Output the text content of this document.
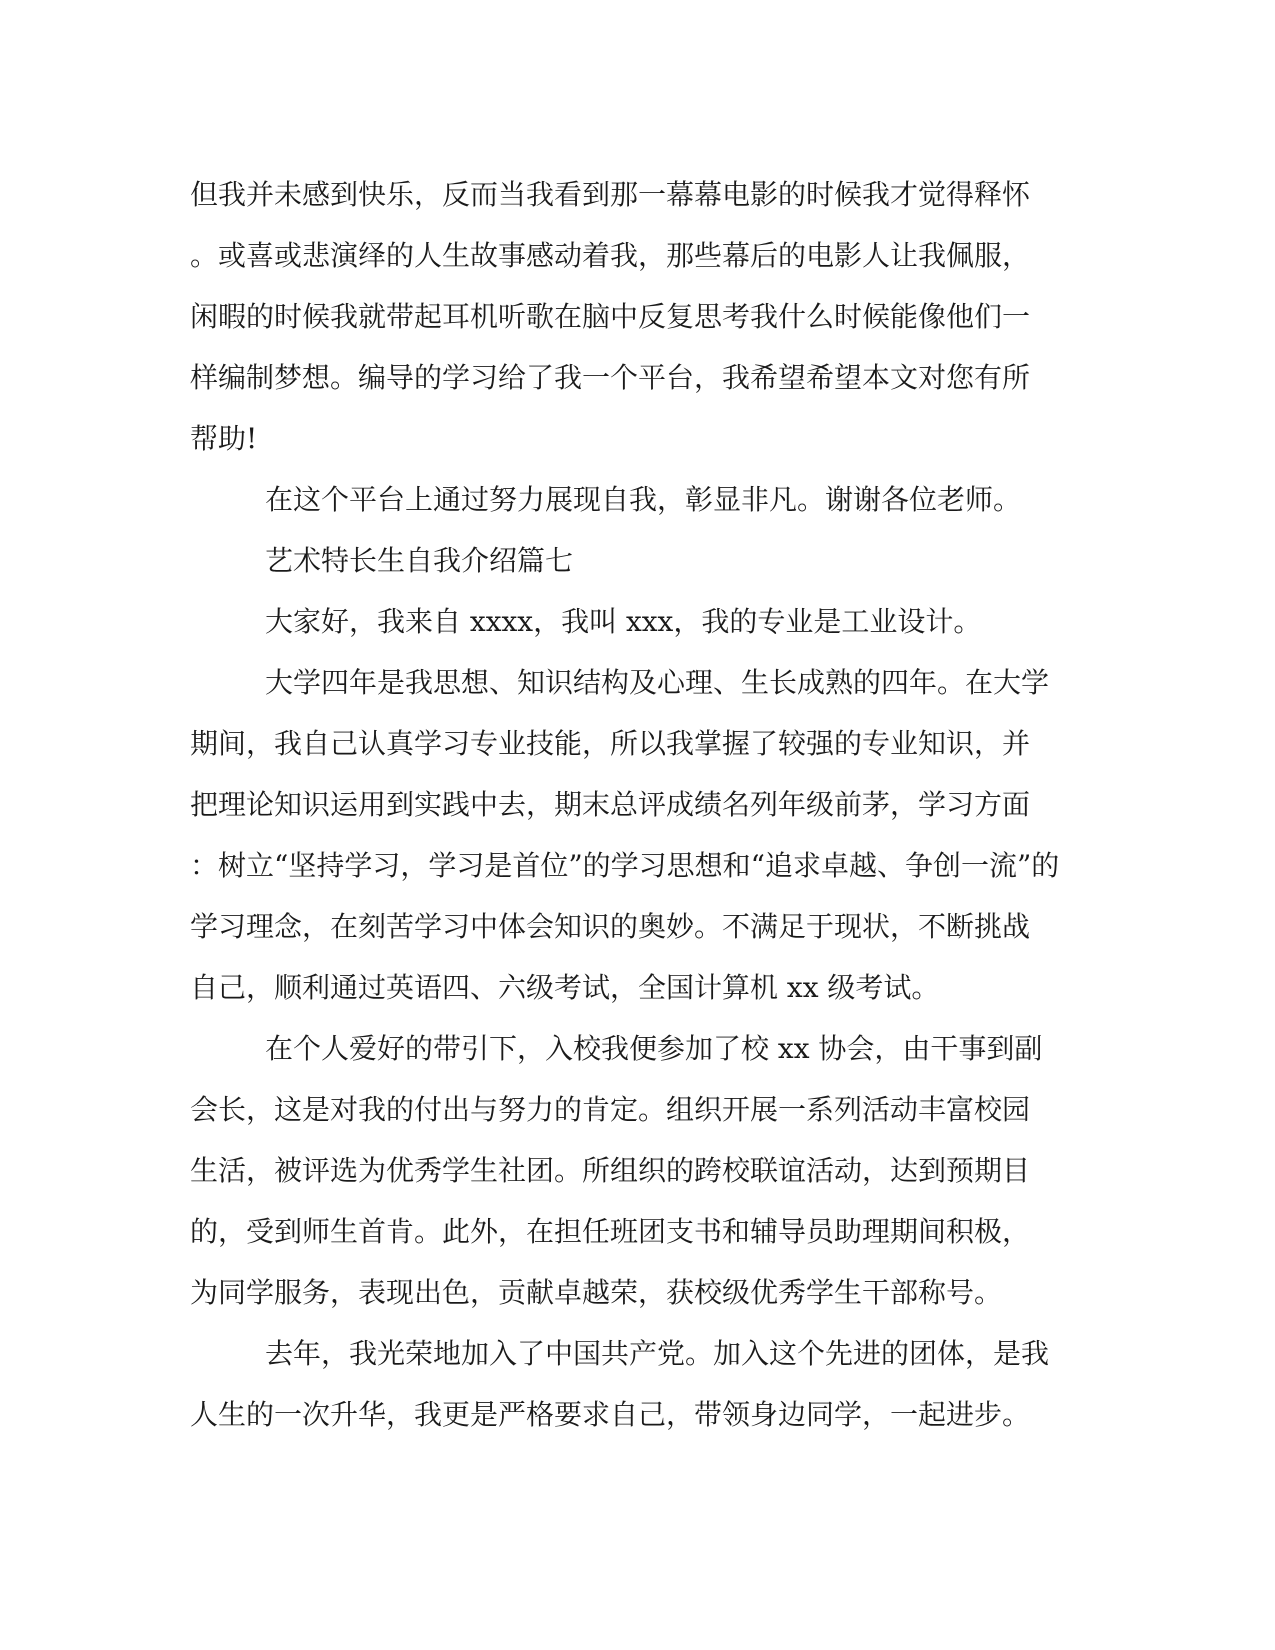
但我并未感到快乐，反而当我看到那一幕幕电影的时候我才觉得释怀
。或喜或悲演绎的人生故事感动着我，那些幕后的电影人让我佩服，
闲暇的时候我就带起耳机听歌在脑中反复思考我什么时候能像他们一
样编制梦想。编导的学习给了我一个平台，我希望希望本文对您有所
帮助!
在这个平台上通过努力展现自我，彰显非凡。谢谢各位老师。
艺术特长生自我介绍篇七
大家好，我来自 xxxx，我叫 xxx，我的专业是工业设计。
大学四年是我思想、知识结构及心理、生长成熟的四年。在大学
期间，我自己认真学习专业技能，所以我掌握了较强的专业知识，并
把理论知识运用到实践中去，期末总评成绩名列年级前茅，学习方面
：树立“坚持学习，学习是首位”的学习思想和“追求卓越、争创一流”的
学习理念，在刻苦学习中体会知识的奥妙。不满足于现状，不断挑战
自己，顺利通过英语四、六级考试，全国计算机 xx 级考试。
在个人爱好的带引下，入校我便参加了校 xx 协会，由干事到副
会长，这是对我的付出与努力的肯定。组织开展一系列活动丰富校园
生活，被评选为优秀学生社团。所组织的跨校联谊活动，达到预期目
的，受到师生首肯。此外，在担任班团支书和辅导员助理期间积极，
为同学服务，表现出色，贡献卓越荣，获校级优秀学生干部称号。
去年，我光荣地加入了中国共产党。加入这个先进的团体，是我
人生的一次升华，我更是严格要求自己，带领身边同学，一起进步。
